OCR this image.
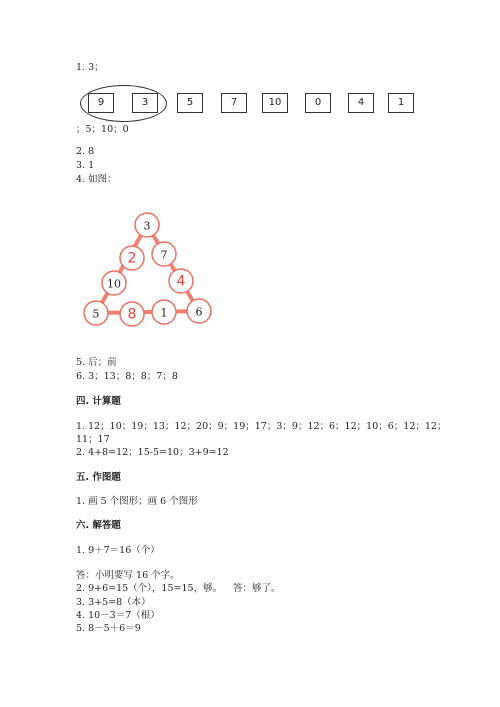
1. 3；
9	3	5	7	10	0	4	1
；5；10；0
2. 8
3. 1
4. 如图：
3
2 7
10	4
5 8 1	6
5. 后；前
6. 3；13；8；8；7；8
四. 计算题
1. 12；10；19；13；12；20；9；19；17；3；9；12；6；12；10；6；12；12；
11；17
2. 4+8=12；15-5=10；3+9=12
五. 作图题
1. 画 5 个图形；画 6 个图形
六. 解答题
1. 9＋7＝16（个）
答：小明要写 16 个字。
2. 9+6=15（个），15=15，够。 答：够了。
3. 3+5=8（本）
4. 10－3＝7（根）
5. 8－5＋6＝9
